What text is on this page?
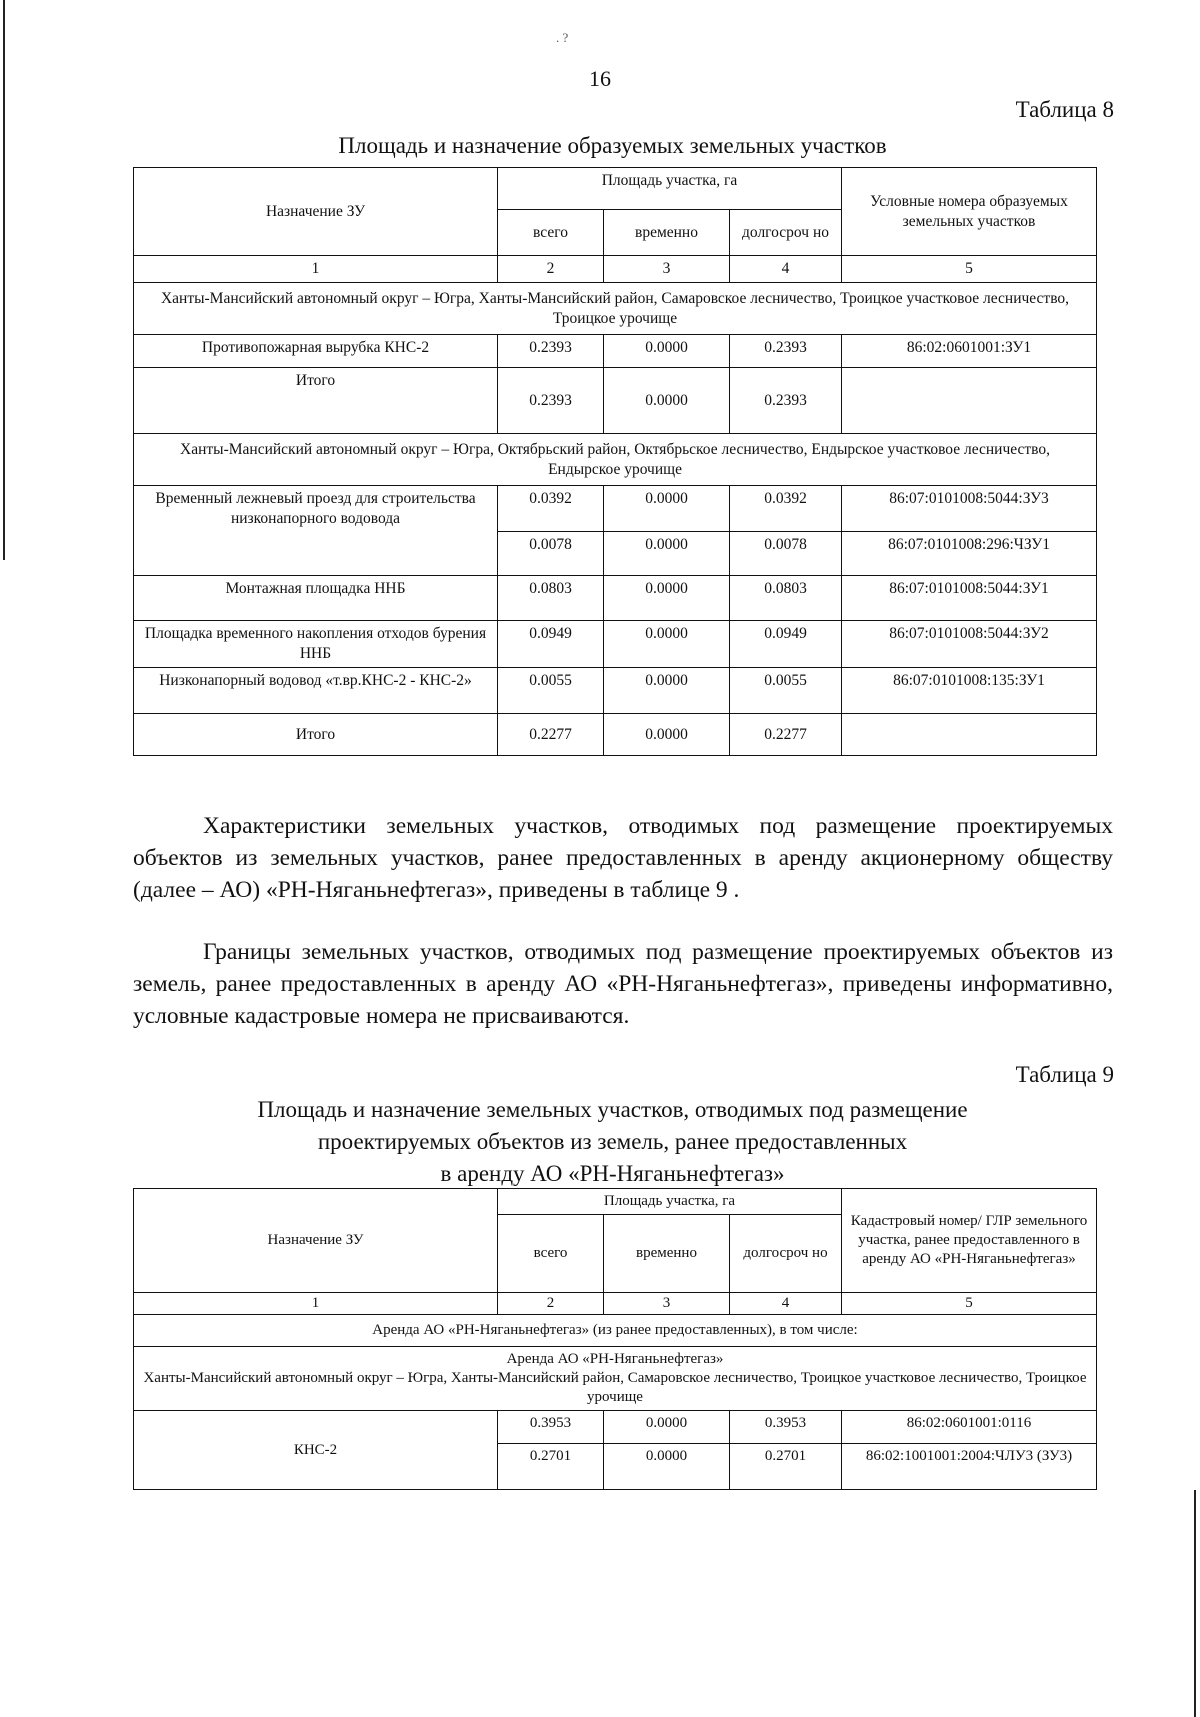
. ?
16
Таблица 8
Площадь и назначение образуемых земельных участков
Назначение ЗУ	Площадь участка, га			Условные номера образуемых земельных участков
	всего	временно	долгосроч но	
1	2	3	4	5
Ханты-Мансийский автономный округ – Югра, Ханты-Мансийский район, Самаровское лесничество, Троицкое участковое лесничество, Троицкое урочище				
Противопожарная вырубка КНС-2	0.2393	0.0000	0.2393	86:02:0601001:ЗУ1
Итого	0.2393	0.0000	0.2393	
Ханты-Мансийский автономный округ – Югра, Октябрьский район, Октябрьское лесничество, Ендырское участковое лесничество, Ендырское урочище				
Временный лежневый проезд для строительства низконапорного водовода	0.0392	0.0000	0.0392	86:07:0101008:5044:ЗУ3
	0.0078	0.0000	0.0078	86:07:0101008:296:ЧЗУ1
Монтажная площадка ННБ	0.0803	0.0000	0.0803	86:07:0101008:5044:ЗУ1
Площадка временного накопления отходов бурения ННБ	0.0949	0.0000	0.0949	86:07:0101008:5044:ЗУ2
Низконапорный водовод «т.вр.КНС-2 - КНС-2»	0.0055	0.0000	0.0055	86:07:0101008:135:ЗУ1
Итого	0.2277	0.0000	0.2277	
Характеристики земельных участков, отводимых под размещение проектируемых объектов из земельных участков, ранее предоставленных в аренду акционерному обществу (далее – АО) «РН-Няганьнефтегаз», приведены в таблице 9 .
Границы земельных участков, отводимых под размещение проектируемых объектов из земель, ранее предоставленных в аренду АО «РН-Няганьнефтегаз», приведены информативно, условные кадастровые номера не присваиваются.
Таблица 9
Площадь и назначение земельных участков, отводимых под размещение
проектируемых объектов из земель, ранее предоставленных
в аренду АО «РН-Няганьнефтегаз»
Назначение ЗУ	Площадь участка, га			Кадастровый номер/ ГЛР земельного участка, ранее предоставленного в аренду АО «РН-Няганьнефтегаз»
	всего	временно	долгосроч но	
1	2	3	4	5
Аренда АО «РН-Няганьнефтегаз» (из ранее предоставленных), в том числе:				

Аренда АО «РН-Няганьнефтегаз»
Ханты-Мансийский автономный округ – Югра, Ханты-Мансийский район, Самаровское лесничество, Троицкое участковое лесничество, Троицкое урочище				

КНС-2	0.3953	0.0000	0.3953	86:02:0601001:0116
	0.2701	0.0000	0.2701	86:02:1001001:2004:ЧЛУ3 (ЗУ3)
